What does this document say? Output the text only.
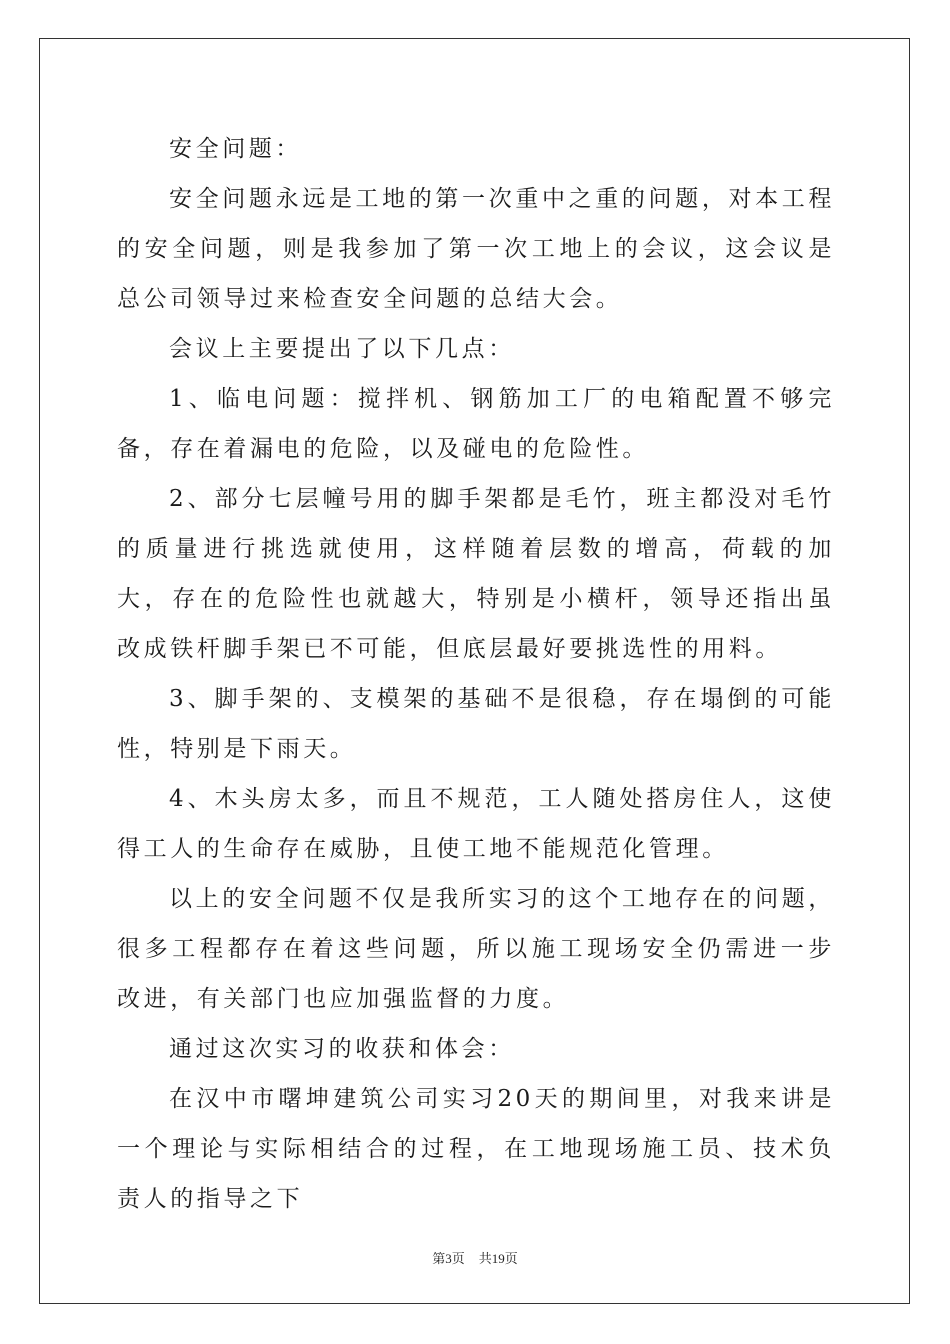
安全问题：

安全问题永远是工地的第一次重中之重的问题，对本工程的安全问题，则是我参加了第一次工地上的会议，这会议是总公司领导过来检查安全问题的总结大会。

会议上主要提出了以下几点：

1、临电问题：搅拌机、钢筋加工厂的电箱配置不够完备，存在着漏电的危险，以及碰电的危险性。

2、部分七层幢号用的脚手架都是毛竹，班主都没对毛竹的质量进行挑选就使用，这样随着层数的增高，荷载的加大，存在的危险性也就越大，特别是小横杆，领导还指出虽改成铁杆脚手架已不可能，但底层最好要挑选性的用料。

3、脚手架的、支模架的基础不是很稳，存在塌倒的可能性，特别是下雨天。

4、木头房太多，而且不规范，工人随处搭房住人，这使得工人的生命存在威胁，且使工地不能规范化管理。

以上的安全问题不仅是我所实习的这个工地存在的问题，很多工程都存在着这些问题，所以施工现场安全仍需进一步改进，有关部门也应加强监督的力度。

通过这次实习的收获和体会：

在汉中市曙坤建筑公司实习20天的期间里，对我来讲是一个理论与实际相结合的过程，在工地现场施工员、技术负责人的指导之下

第3页 共19页
